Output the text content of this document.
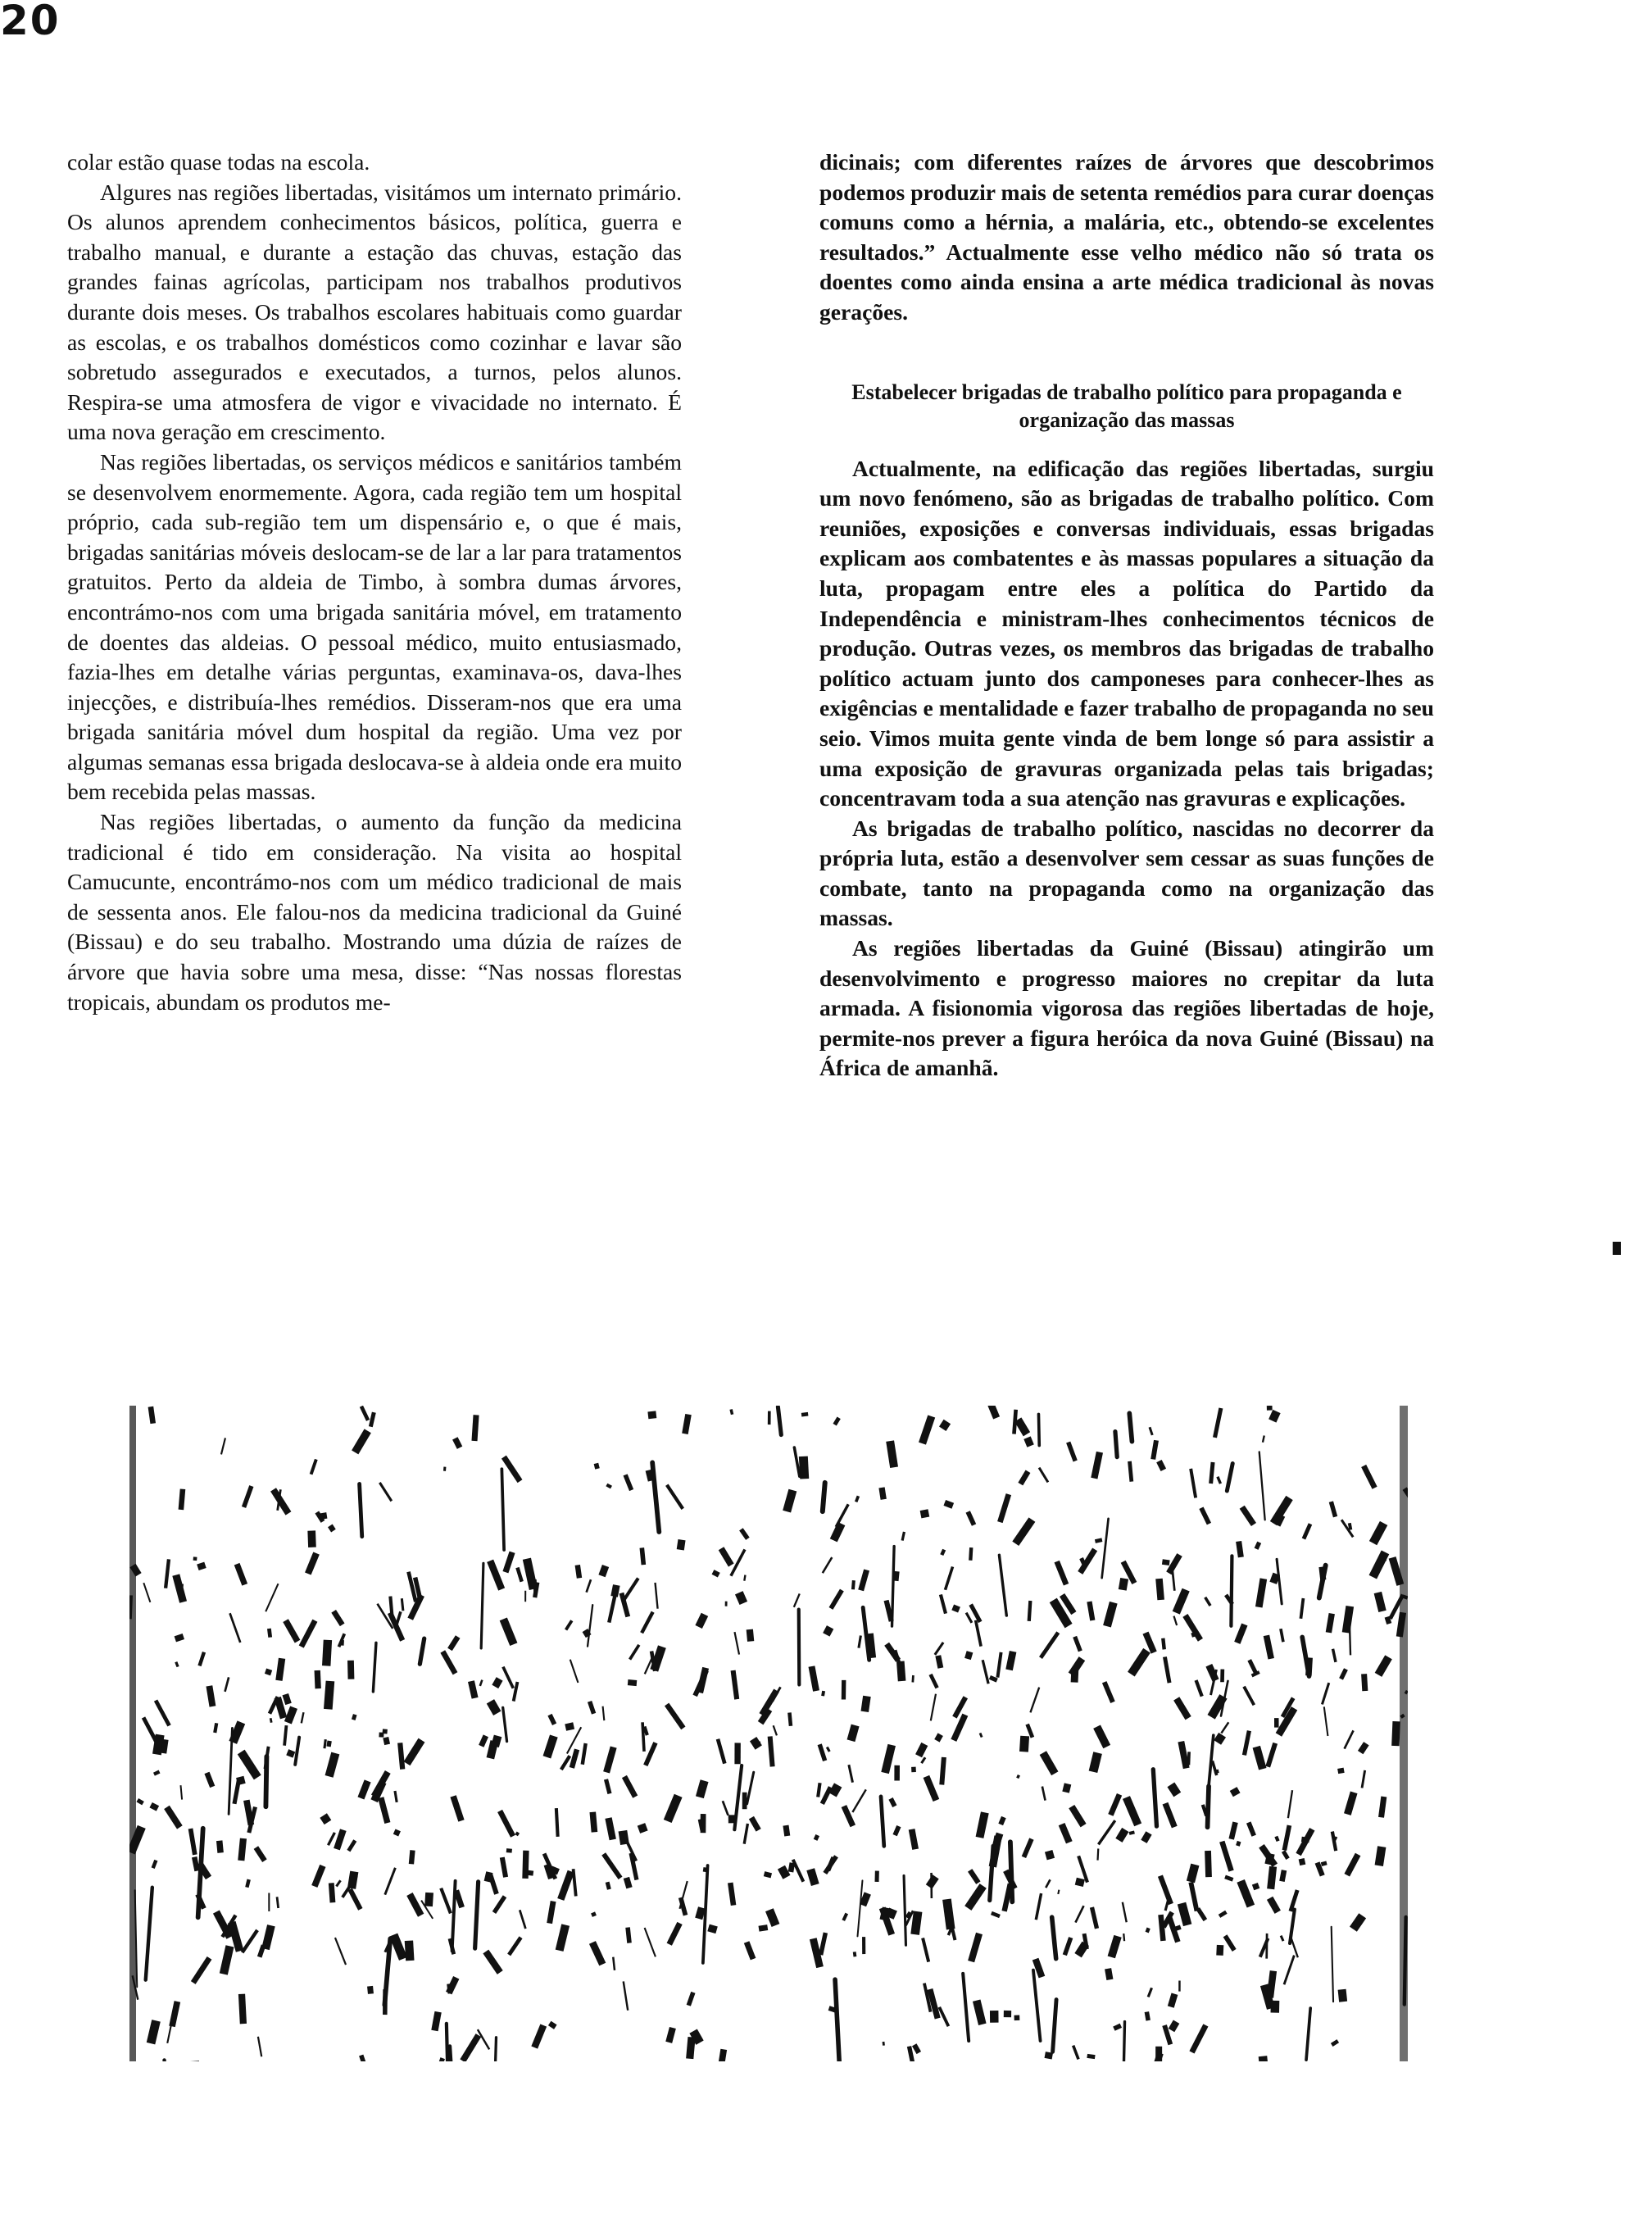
20

colar estão quase todas na escola.

Algures nas regiões libertadas, visitámos um internato primário. Os alunos aprendem conhecimentos básicos, política, guerra e trabalho manual, e durante a estação das chuvas, estação das grandes fainas agrícolas, participam nos trabalhos produtivos durante dois meses. Os trabalhos escolares habituais como guardar as escolas, e os trabalhos domésticos como cozinhar e lavar são sobretudo assegurados e executados, a turnos, pelos alunos. Respira-se uma atmosfera de vigor e vivacidade no internato. É uma nova geração em crescimento.

Nas regiões libertadas, os serviços médicos e sanitários também se desenvolvem enormemente. Agora, cada região tem um hospital próprio, cada sub-região tem um dispensário e, o que é mais, brigadas sanitárias móveis deslocam-se de lar a lar para tratamentos gratuitos. Perto da aldeia de Timbo, à sombra dumas árvores, encontrámo-nos com uma brigada sanitária móvel, em tratamento de doentes das aldeias. O pessoal médico, muito entusiasmado, fazia-lhes em detalhe várias perguntas, examinava-os, dava-lhes injecções, e distribuía-lhes remédios. Disseram-nos que era uma brigada sanitária móvel dum hospital da região. Uma vez por algumas semanas essa brigada deslocava-se à aldeia onde era muito bem recebida pelas massas.

Nas regiões libertadas, o aumento da função da medicina tradicional é tido em consideração. Na visita ao hospital Camucunte, encontrámo-nos com um médico tradicional de mais de sessenta anos. Ele falou-nos da medicina tradicional da Guiné (Bissau) e do seu trabalho. Mostrando uma dúzia de raízes de árvore que havia sobre uma mesa, disse: “Nas nossas florestas tropicais, abundam os produtos me-

dicinais; com diferentes raízes de árvores que descobrimos podemos produzir mais de setenta remédios para curar doenças comuns como a hérnia, a malária, etc., obtendo-se excelentes resultados.” Actualmente esse velho médico não só trata os doentes como ainda ensina a arte médica tradicional às novas gerações.

Estabelecer brigadas de trabalho político para propaganda e organização das massas

Actualmente, na edificação das regiões libertadas, surgiu um novo fenómeno, são as brigadas de trabalho político. Com reuniões, exposições e conversas individuais, essas brigadas explicam aos combatentes e às massas populares a situação da luta, propagam entre eles a política do Partido da Independência e ministram-lhes conhecimentos técnicos de produção. Outras vezes, os membros das brigadas de trabalho político actuam junto dos camponeses para conhecer-lhes as exigências e mentalidade e fazer trabalho de propaganda no seu seio. Vimos muita gente vinda de bem longe só para assistir a uma exposição de gravuras organizada pelas tais brigadas; concentravam toda a sua atenção nas gravuras e explicações.

As brigadas de trabalho político, nascidas no decorrer da própria luta, estão a desenvolver sem cessar as suas funções de combate, tanto na propaganda como na organização das massas.

As regiões libertadas da Guiné (Bissau) atingirão um desenvolvimento e progresso maiores no crepitar da luta armada. A fisionomia vigorosa das regiões libertadas de hoje, permite-nos prever a figura heróica da nova Guiné (Bissau) na África de amanhã.
